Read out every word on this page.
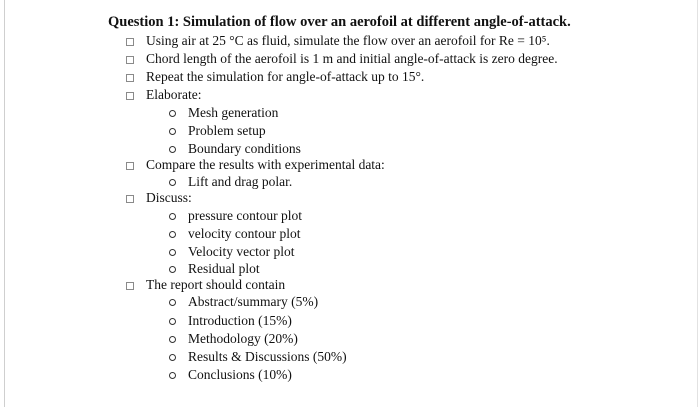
Question 1: Simulation of flow over an aerofoil at different angle-of-attack.
Using air at 25 °C as fluid, simulate the flow over an aerofoil for Re = 10⁵.
Chord length of the aerofoil is 1 m and initial angle-of-attack is zero degree.
Repeat the simulation for angle-of-attack up to 15°.
Elaborate:
Mesh generation
Problem setup
Boundary conditions
Compare the results with experimental data:
Lift and drag polar.
Discuss:
pressure contour plot
velocity contour plot
Velocity vector plot
Residual plot
The report should contain
Abstract/summary (5%)
Introduction (15%)
Methodology (20%)
Results & Discussions (50%)
Conclusions (10%)
